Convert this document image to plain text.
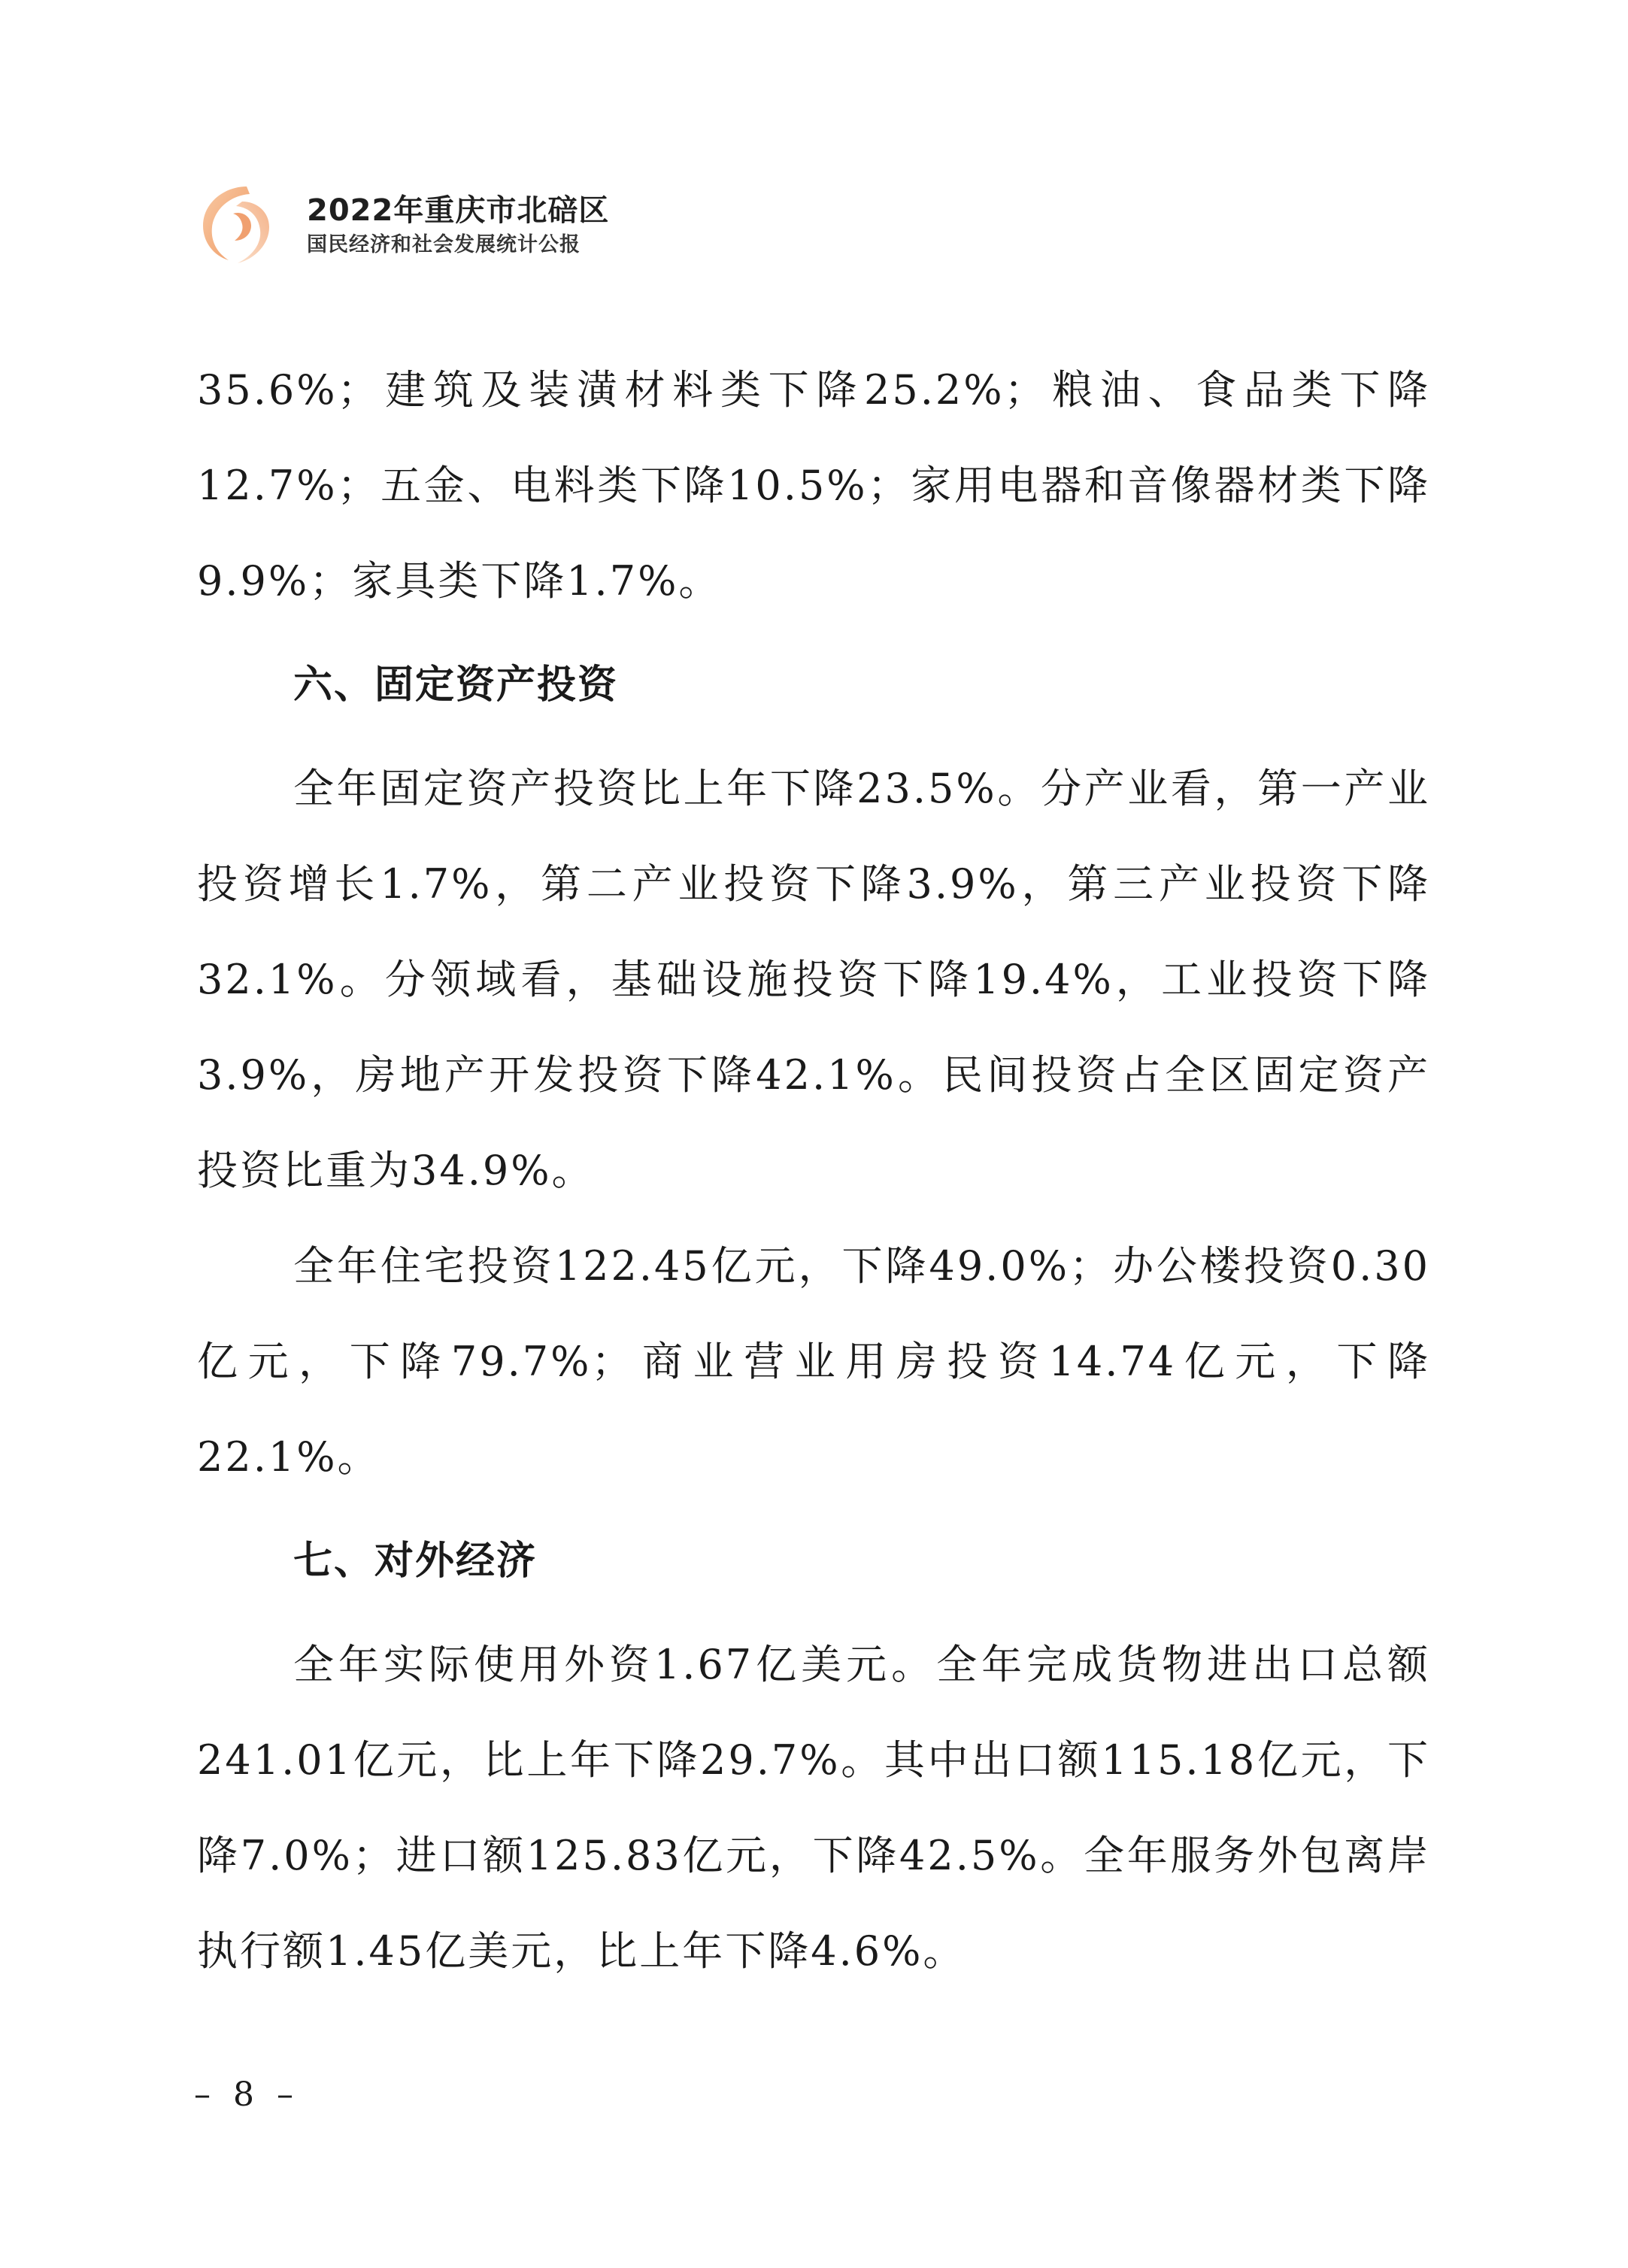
2022年重庆市北碚区
国民经济和社会发展统计公报

35.6%；建筑及装潢材料类下降25.2%；粮油、食品类下降12.7%；五金、电料类下降10.5%；家用电器和音像器材类下降9.9%；家具类下降1.7%。

六、固定资产投资

全年固定资产投资比上年下降23.5%。分产业看，第一产业投资增长1.7%，第二产业投资下降3.9%，第三产业投资下降32.1%。分领域看，基础设施投资下降19.4%，工业投资下降3.9%，房地产开发投资下降42.1%。民间投资占全区固定资产投资比重为34.9%。

全年住宅投资122.45亿元，下降49.0%；办公楼投资0.30亿元，下降79.7%；商业营业用房投资14.74亿元，下降22.1%。

七、对外经济

全年实际使用外资1.67亿美元。全年完成货物进出口总额241.01亿元，比上年下降29.7%。其中出口额115.18亿元，下降7.0%；进口额125.83亿元，下降42.5%。全年服务外包离岸执行额1.45亿美元，比上年下降4.6%。

– 8 –
